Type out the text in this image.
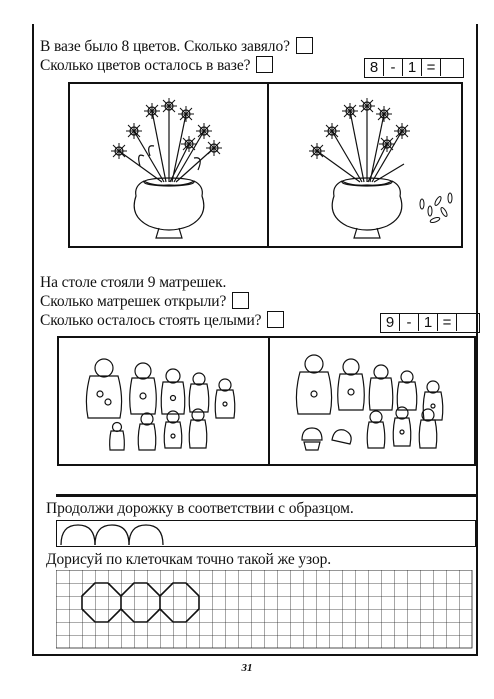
В вазе было 8 цветов. Сколько завяло?
Сколько цветов осталось в вазе?	8 - 1 =
На столе стояли 9 матрешек.
Сколько матрешек открыли?
Сколько осталось стоять целыми?	9 - 1 =
Продолжи дорожку в соответствии с образцом.
Дорисуй по клеточкам точно такой же узор.
31
